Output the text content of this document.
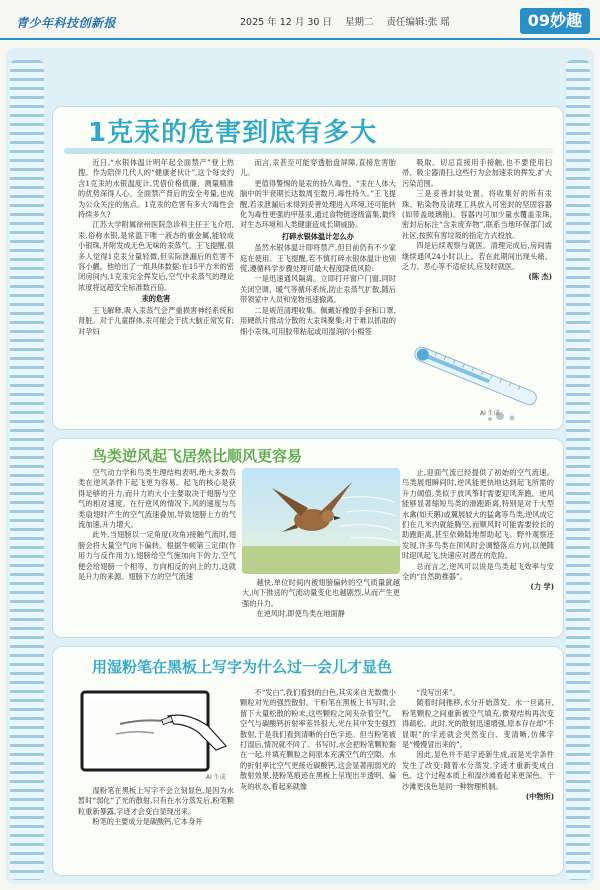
青少年科技创新报	2025 年 12 月 30 日 星期二 责任编辑:张 瑶	09妙趣
1克汞的危害到底有多大

近日,“水银体温计明年起全面禁产”登上热搜。作为陪伴几代人的“健康老伙计”,这个每支约含1克汞的水银温度计,凭借价格低廉、测量精准的优势深得人心。全面禁产背后的安全考量,也成为公众关注的焦点。1克汞的危害有多大?毒性会持续多久?

江苏大学附属徐州医院急诊科主任王飞介绍,汞,俗称水银,是常温下唯一液态的重金属,能较成小银珠,并附发成无色无味的汞蒸气。王飞提醒,很多人觉得1克汞分量轻微,但实际泄漏后的危害不容小觑。他给出了一组具体数据:在15平方米的密闭房间内,1克汞完全挥发后,空气中汞蒸气的理论浓度将远超安全标准数百倍。

汞的危害

王飞解释,吸入汞蒸气会严重损害神经系统和肾脏。对于儿童群体,汞可能会干扰大脑正常发育;对孕妇

而言,汞甚至可能穿透胎盘屏障,直接危害胎儿。

更值得警惕的是汞的持久毒性。“汞在人体大脑中的半衰期长达数周至数月,毒性持久。”王飞提醒,若汞泄漏后未得到妥善处理进入环境,还可能转化为毒性更强的甲基汞,通过食物链逐级富集,最终对生态环境和人类健康造成长期威胁。

打碎水银体温计怎么办

虽然水银体温计即将禁产,但目前仍有不少家庭在使用。王飞提醒,若不慎打碎水银体温计也别慌,遵循科学步骤处理可最大程度降低风险:

一是迅速通风隔离。立即打开窗户门窗,同时关闭空调、暖气等循环系统,防止汞蒸气扩散,随后带领家中人员和宠物迅速撤离。

二是规范清理收集。佩戴好橡胶手套和口罩,用硬纸片推动分散的大汞珠聚集;对于难以抓取的细小汞珠,可用胶带粘起或用湿润的小棉签

吸取。切忌直接用手接触,也不要使用扫帚、吸尘器清扫,这些行为会加速汞的挥发,扩大污染范围。

三是妥善封装处置。将收集好的所有汞珠、粘染物及清理工具放入可密封的坚固容器(如带盖玻璃瓶)。容器内可加少量水覆盖汞珠,密封后标注“含汞废弃物”,联系当地环保部门或社区,按照有害垃圾的指定方式投放。

四是后续观察与就医。清理完成后,房间需继续通风24小时以上。若在此期间出现头痛、乏力、恶心等不适症状,应及时就医。

(陈 杰)

AI 生成
鸟类逆风起飞居然比顺风更容易

空气动力学和鸟类生理结构表明,绝大多数鸟类在逆风条件下起飞更为容易。起飞的核心是获得足够的升力,而升力的大小主要取决于翅膀与空气的相对速度。在行逆风的情况下,风的速度与鸟类扇翅时产生的空气流速叠加,导致翅膀上方的气流加速,升力增大。

此外,当翅膀以一定角度(攻角)接触气流时,翅膀会将大量空气向下偏转。根据牛顿第三定律(作用力与反作用力),翅膀给空气施加向下的力,空气便会给翅膀一个相等、方向相反的向上的力,这就是升力的来源。翅膀下方的空气流速

越快,单位时间内被翅膀偏转的空气质量就越大,向下推送的气流动量变化也越剧烈,从而产生更强的升力。

在逆风时,即使鸟类在地面静

止,迎面气流已经提供了初始的空气流速。鸟类展翅瞬间时,逆风能更快地达到起飞所需的升力阈值,类似于放风筝时需要迎风奔跑。逆风能够显著缩短鸟类的滑跑距离,特别是对于大型水禽(如天鹅)或翼展较大的猛禽等鸟类,逆风成它们在几米内就能腾空,而顺风时可能需要较长的助跑距离,甚至依赖陆地帮助起飞。野外观察还发现,许多鸟类在顶风时会调整落点方向,以便随时迎风起飞,快速应对潜在的危险。

总而言之,逆风可以说是鸟类起飞效率与安全的“自然助推器”。

(力 学)

用湿粉笔在黑板上写字为什么过一会儿才显色
AI 生成

湿粉笔在黑板上写字不会立刻显色,是因为水暂时“弱化”了光的散射,只有在水分蒸发后,粉笔颗粒重新暴露,字迹才会变白显现出来。

粉笔的主要成分是碳酸钙,它本身并

不“发白”,我们看到的白色,其实来自无数微小颗粒对光的强烈散射。干粉笔在黑板上书写时,会留下大量松散的粉末,这些颗粒之间夹杂着空气。空气与碳酸钙折射率差异很大,光在其中发生强烈散射,于是我们看到清晰的白色字迹。但当粉笔被打湿后,情况就不同了。书写时,水会把粉笔颗粒黏在一起,并填充颗粒之间原本充满空气的空隙。水的折射率比空气更接近碳酸钙,这会显著削弱光的散射效果,使粉笔痕迹在黑板上呈现出半透明、偏灰的状态,看起来就像

“没写出来”。

随着时间推移,水分开始蒸发。水一旦离开,粉笔颗粒之间重新被空气填充,微观结构再次变得疏松。此时,光的散射迅速增强,原本存在却“不显眼”的字迹就会突然变白、变清晰,仿佛字是“慢慢冒出来的”。

因此,显色并不是字迹新生成,而是光学条件发生了改变:随着水分蒸发,字迹才重新变成白色。这个过程本质上和湿沙滩看起来更深色、干沙滩更浅色是同一种物理机制。

(中物所)
